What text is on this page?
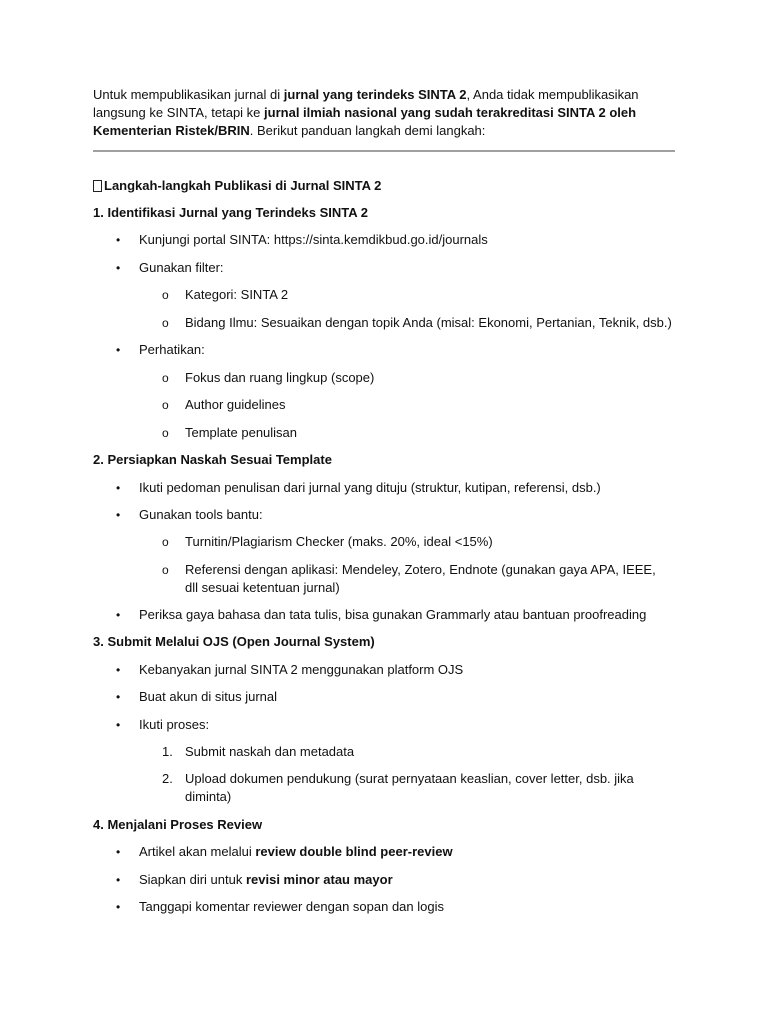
Untuk mempublikasikan jurnal di jurnal yang terindeks SINTA 2, Anda tidak mempublikasikan langsung ke SINTA, tetapi ke jurnal ilmiah nasional yang sudah terakreditasi SINTA 2 oleh Kementerian Ristek/BRIN. Berikut panduan langkah demi langkah:
Langkah-langkah Publikasi di Jurnal SINTA 2
1. Identifikasi Jurnal yang Terindeks SINTA 2
• Kunjungi portal SINTA: https://sinta.kemdikbud.go.id/journals
• Gunakan filter:
o Kategori: SINTA 2
o Bidang Ilmu: Sesuaikan dengan topik Anda (misal: Ekonomi, Pertanian, Teknik, dsb.)
• Perhatikan:
o Fokus dan ruang lingkup (scope)
o Author guidelines
o Template penulisan
2. Persiapkan Naskah Sesuai Template
• Ikuti pedoman penulisan dari jurnal yang dituju (struktur, kutipan, referensi, dsb.)
• Gunakan tools bantu:
o Turnitin/Plagiarism Checker (maks. 20%, ideal <15%)
o Referensi dengan aplikasi: Mendeley, Zotero, Endnote (gunakan gaya APA, IEEE, dll sesuai ketentuan jurnal)
• Periksa gaya bahasa dan tata tulis, bisa gunakan Grammarly atau bantuan proofreading
3. Submit Melalui OJS (Open Journal System)
• Kebanyakan jurnal SINTA 2 menggunakan platform OJS
• Buat akun di situs jurnal
• Ikuti proses:
1. Submit naskah dan metadata
2. Upload dokumen pendukung (surat pernyataan keaslian, cover letter, dsb. jika diminta)
4. Menjalani Proses Review
• Artikel akan melalui review double blind peer-review
• Siapkan diri untuk revisi minor atau mayor
• Tanggapi komentar reviewer dengan sopan dan logis
